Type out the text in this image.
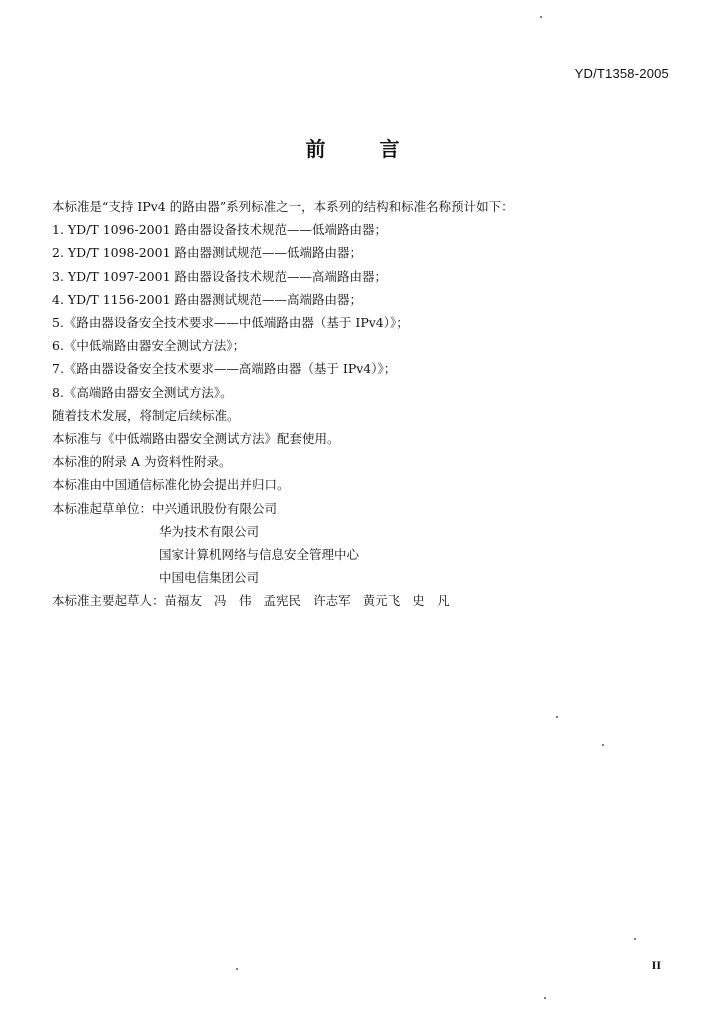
YD/T1358-2005
前	言
本标准是“支持 IPv4 的路由器”系列标准之一，本系列的结构和标准名称预计如下：
1. YD/T 1096-2001 路由器设备技术规范——低端路由器；
2. YD/T 1098-2001 路由器测试规范——低端路由器；
3. YD/T 1097-2001 路由器设备技术规范——高端路由器；
4. YD/T 1156-2001 路由器测试规范——高端路由器；
5.《路由器设备安全技术要求——中低端路由器（基于 IPv4）》；
6.《中低端路由器安全测试方法》；
7.《路由器设备安全技术要求——高端路由器（基于 IPv4）》；
8.《高端路由器安全测试方法》。
随着技术发展，将制定后续标准。
本标准与《中低端路由器安全测试方法》配套使用。
本标准的附录 A 为资料性附录。
本标准由中国通信标准化协会提出并归口。
本标准起草单位：中兴通讯股份有限公司
华为技术有限公司
国家计算机网络与信息安全管理中心
中国电信集团公司
本标准主要起草人：苗福友 冯　伟 孟宪民 许志军 黄元飞 史　凡
II
